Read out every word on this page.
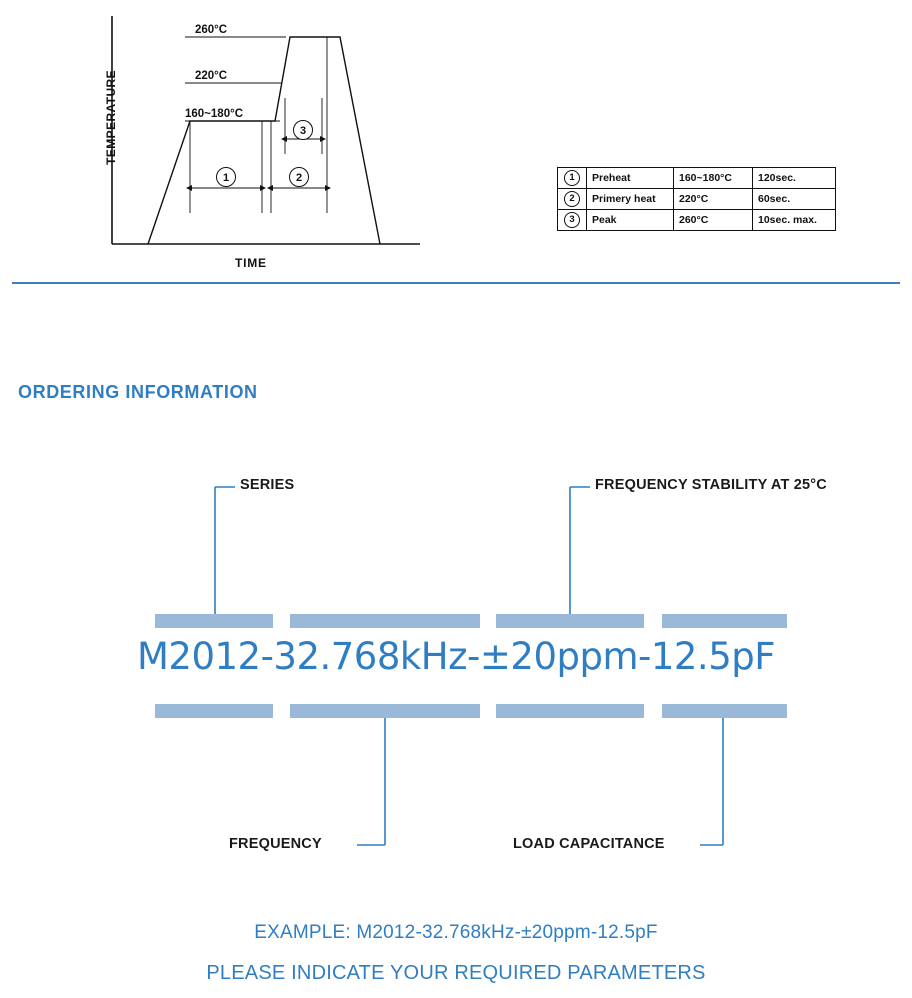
1	2
3
TEMPERATURE
TIME
260°C
220°C
160~180°C
1	Preheat	160~180°C	120sec.
2	Primery heat	220°C	60sec.
3	Peak	260°C	10sec. max.
ORDERING INFORMATION
M2012-32.768kHz-±20ppm-12.5pF
SERIES	FREQUENCY STABILITY AT 25°C
FREQUENCY	LOAD CAPACITANCE
EXAMPLE: M2012-32.768kHz-±20ppm-12.5pF
PLEASE INDICATE YOUR REQUIRED PARAMETERS
